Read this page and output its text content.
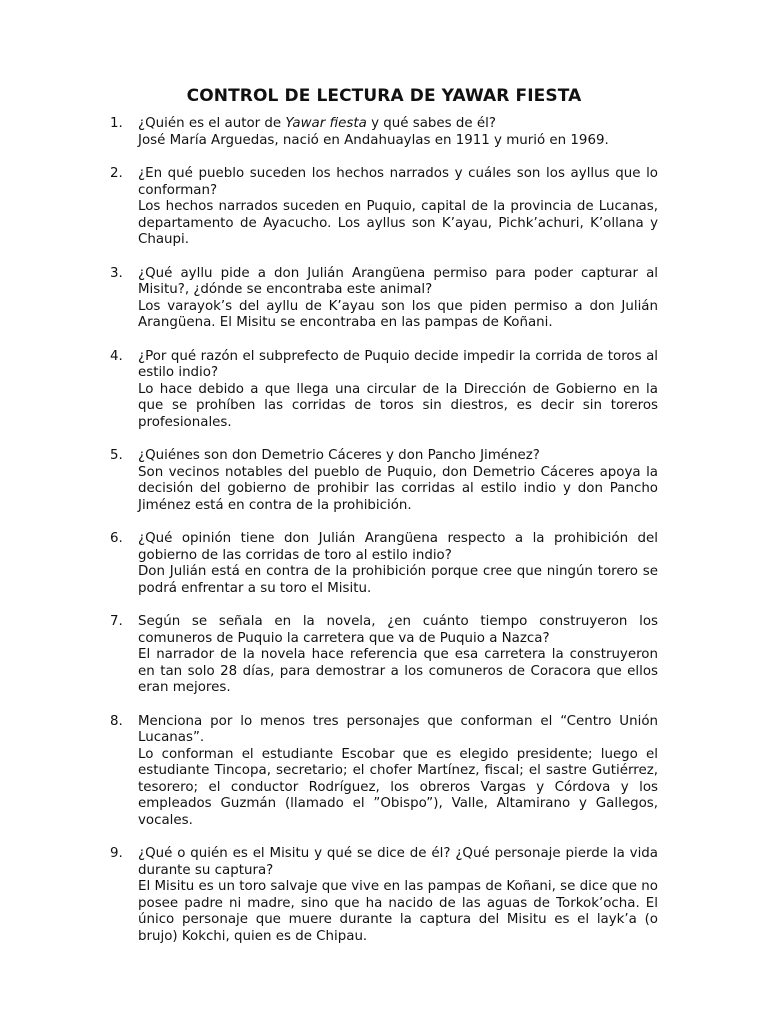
CONTROL DE LECTURA DE YAWAR FIESTA
1. ¿Quién es el autor de Yawar fiesta y qué sabes de él?

José María Arguedas, nació en Andahuaylas en 1911 y murió en 1969.

2. ¿En qué pueblo suceden los hechos narrados y cuáles son los ayllus que lo conforman?

Los hechos narrados suceden en Puquio, capital de la provincia de Lucanas, departamento de Ayacucho. Los ayllus son K’ayau, Pichk’achuri, K’ollana y Chaupi.

3. ¿Qué ayllu pide a don Julián Arangüena permiso para poder capturar al Misitu?, ¿dónde se encontraba este animal?

Los varayok’s del ayllu de K’ayau son los que piden permiso a don Julián Arangüena. El Misitu se encontraba en las pampas de Koñani.

4. ¿Por qué razón el subprefecto de Puquio decide impedir la corrida de toros al estilo indio?

Lo hace debido a que llega una circular de la Dirección de Gobierno en la que se prohíben las corridas de toros sin diestros, es decir sin toreros profesionales.

5. ¿Quiénes son don Demetrio Cáceres y don Pancho Jiménez?

Son vecinos notables del pueblo de Puquio, don Demetrio Cáceres apoya la decisión del gobierno de prohibir las corridas al estilo indio y don Pancho Jiménez está en contra de la prohibición.

6. ¿Qué opinión tiene don Julián Arangüena respecto a la prohibición del gobierno de las corridas de toro al estilo indio?

Don Julián está en contra de la prohibición porque cree que ningún torero se podrá enfrentar a su toro el Misitu.

7. Según se señala en la novela, ¿en cuánto tiempo construyeron los comuneros de Puquio la carretera que va de Puquio a Nazca?

El narrador de la novela hace referencia que esa carretera la construyeron en tan solo 28 días, para demostrar a los comuneros de Coracora que ellos eran mejores.

8. Menciona por lo menos tres personajes que conforman el “Centro Unión Lucanas”.

Lo conforman el estudiante Escobar que es elegido presidente; luego el estudiante Tincopa, secretario; el chofer Martínez, fiscal; el sastre Gutiérrez, tesorero; el conductor Rodríguez, los obreros Vargas y Córdova y los empleados Guzmán (llamado el ”Obispo”), Valle, Altamirano y Gallegos, vocales.

9. ¿Qué o quién es el Misitu y qué se dice de él? ¿Qué personaje pierde la vida durante su captura?

El Misitu es un toro salvaje que vive en las pampas de Koñani, se dice que no posee padre ni madre, sino que ha nacido de las aguas de Torkok’ocha. El único personaje que muere durante la captura del Misitu es el layk’a (o brujo) Kokchi, quien es de Chipau.
